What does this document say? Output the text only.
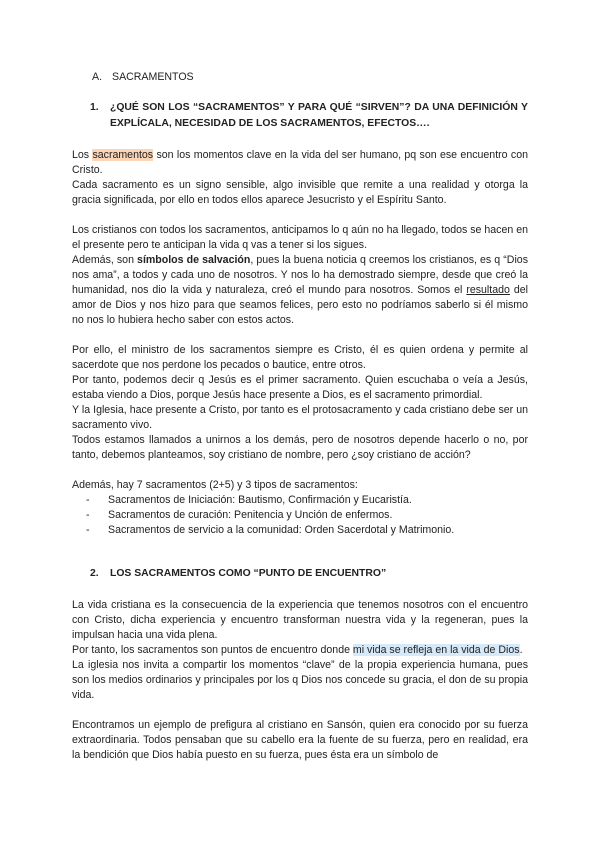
A. SACRAMENTOS
1.	¿QUÉ SON LOS “SACRAMENTOS” Y PARA QUÉ “SIRVEN”? DA UNA DEFINICIÓN Y EXPLÍCALA, NECESIDAD DE LOS SACRAMENTOS, EFECTOS….

Los sacramentos son los momentos clave en la vida del ser humano, pq son ese encuentro con Cristo.

Cada sacramento es un signo sensible, algo invisible que remite a una realidad y otorga la gracia significada, por ello en todos ellos aparece Jesucristo y el Espíritu Santo.

Los cristianos con todos los sacramentos, anticipamos lo q aún no ha llegado, todos se hacen en el presente pero te anticipan la vida q vas a tener si los sigues.

Además, son símbolos de salvación, pues la buena noticia q creemos los cristianos, es q “Dios nos ama”, a todos y cada uno de nosotros. Y nos lo ha demostrado siempre, desde que creó la humanidad, nos dio la vida y naturaleza, creó el mundo para nosotros. Somos el resultado del amor de Dios y nos hizo para que seamos felices, pero esto no podríamos saberlo si él mismo no nos lo hubiera hecho saber con estos actos.

Por ello, el ministro de los sacramentos siempre es Cristo, él es quien ordena y permite al sacerdote que nos perdone los pecados o bautice, entre otros.

Por tanto, podemos decir q Jesús es el primer sacramento. Quien escuchaba o veía a Jesús, estaba viendo a Dios, porque Jesús hace presente a Dios, es el sacramento primordial.

Y la Iglesia, hace presente a Cristo, por tanto es el protosacramento y cada cristiano debe ser un sacramento vivo.

Todos estamos llamados a unirnos a los demás, pero de nosotros depende hacerlo o no, por tanto, debemos planteamos, soy cristiano de nombre, pero ¿soy cristiano de acción?

Además, hay 7 sacramentos (2+5) y 3 tipos de sacramentos:

-	Sacramentos de Iniciación: Bautismo, Confirmación y Eucaristía.
-	Sacramentos de curación: Penitencia y Unción de enfermos.
-	Sacramentos de servicio a la comunidad: Orden Sacerdotal y Matrimonio.
2.	LOS SACRAMENTOS COMO “PUNTO DE ENCUENTRO”

La vida cristiana es la consecuencia de la experiencia que tenemos nosotros con el encuentro con Cristo, dicha experiencia y encuentro transforman nuestra vida y la regeneran, pues la impulsan hacia una vida plena.

Por tanto, los sacramentos son puntos de encuentro donde mi vida se refleja en la vida de Dios.

La iglesia nos invita a compartir los momentos “clave” de la propia experiencia humana, pues son los medios ordinarios y principales por los q Dios nos concede su gracia, el don de su propia vida.

Encontramos un ejemplo de prefigura al cristiano en Sansón, quien era conocido por su fuerza extraordinaria. Todos pensaban que su cabello era la fuente de su fuerza, pero en realidad, era la bendición que Dios había puesto en su fuerza, pues ésta era un símbolo de
